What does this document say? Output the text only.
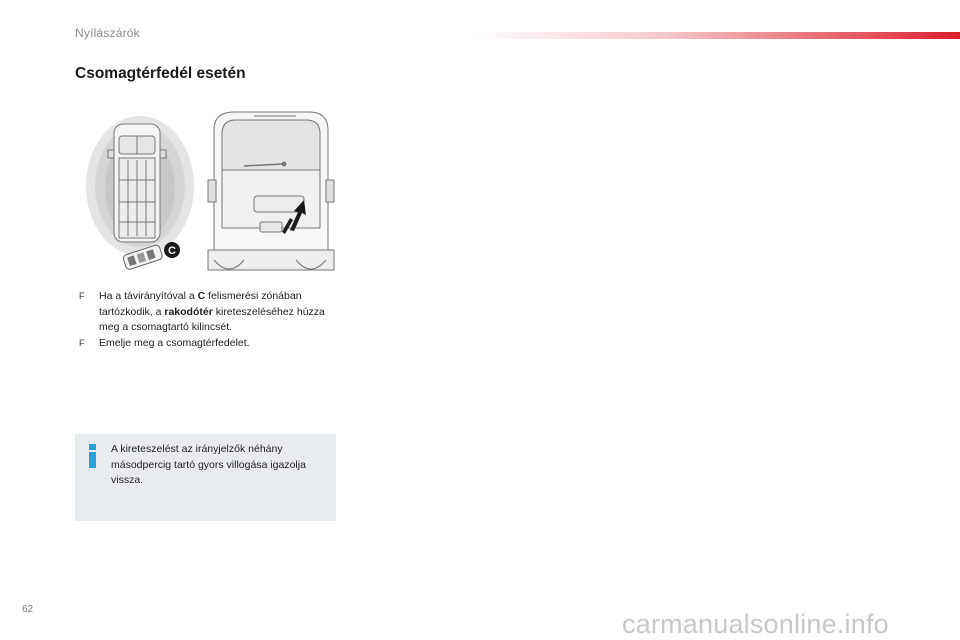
Nyílászárók
Csomagtérfedél esetén
C

F Ha a távirányítóval a C felismerési zónában tartózkodik, a rakodótér kireteszeléséhez húzza meg a csomagtartó kilincsét.

F Emelje meg a csomagtérfedelet.

A kireteszelést az irányjelzők néhány másodpercig tartó gyors villogása igazolja vissza.
62	carmanualsonline.info
